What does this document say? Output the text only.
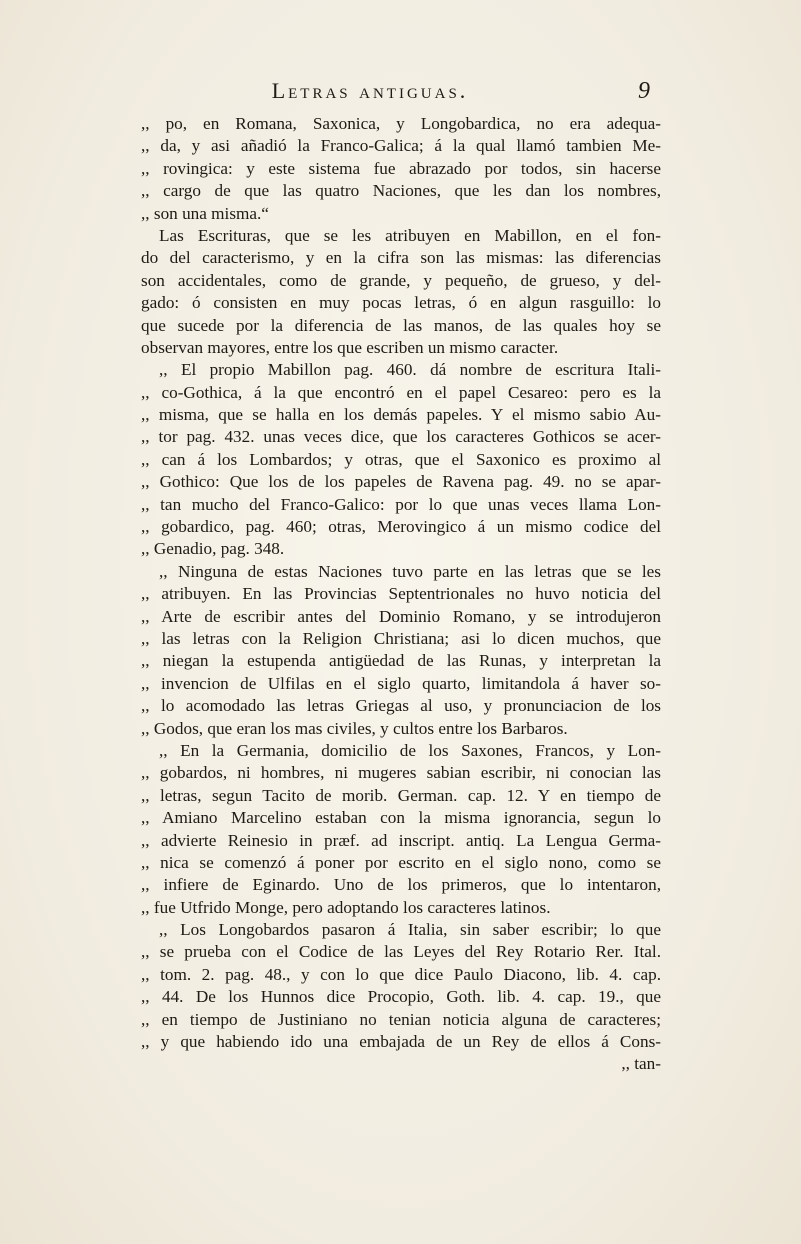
Letras antiguas.	9
,, po, en Romana, Saxonica, y Longobardica, no era adequa-
,, da, y asi añadió la Franco-Galica; á la qual llamó tambien Me-
,, rovingica: y este sistema fue abrazado por todos, sin hacerse
,, cargo de que las quatro Naciones, que les dan los nombres,
,, son una misma.“
Las Escrituras, que se les atribuyen en Mabillon, en el fon-
do del caracterismo, y en la cifra son las mismas: las diferencias
son accidentales, como de grande, y pequeño, de grueso, y del-
gado: ó consisten en muy pocas letras, ó en algun rasguillo: lo
que sucede por la diferencia de las manos, de las quales hoy se
observan mayores, entre los que escriben un mismo caracter.
,, El propio Mabillon pag. 460. dá nombre de escritura Itali-
,, co-Gothica, á la que encontró en el papel Cesareo: pero es la
,, misma, que se halla en los demás papeles. Y el mismo sabio Au-
,, tor pag. 432. unas veces dice, que los caracteres Gothicos se acer-
,, can á los Lombardos; y otras, que el Saxonico es proximo al
,, Gothico: Que los de los papeles de Ravena pag. 49. no se apar-
,, tan mucho del Franco-Galico: por lo que unas veces llama Lon-
,, gobardico, pag. 460; otras, Merovingico á un mismo codice del
,, Genadio, pag. 348.
,, Ninguna de estas Naciones tuvo parte en las letras que se les
,, atribuyen. En las Provincias Septentrionales no huvo noticia del
,, Arte de escribir antes del Dominio Romano, y se introdujeron
,, las letras con la Religion Christiana; asi lo dicen muchos, que
,, niegan la estupenda antigüedad de las Runas, y interpretan la
,, invencion de Ulfilas en el siglo quarto, limitandola á haver so-
,, lo acomodado las letras Griegas al uso, y pronunciacion de los
,, Godos, que eran los mas civiles, y cultos entre los Barbaros.
,, En la Germania, domicilio de los Saxones, Francos, y Lon-
,, gobardos, ni hombres, ni mugeres sabian escribir, ni conocian las
,, letras, segun Tacito de morib. German. cap. 12. Y en tiempo de
,, Amiano Marcelino estaban con la misma ignorancia, segun lo
,, advierte Reinesio in præf. ad inscript. antiq. La Lengua Germa-
,, nica se comenzó á poner por escrito en el siglo nono, como se
,, infiere de Eginardo. Uno de los primeros, que lo intentaron,
,, fue Utfrido Monge, pero adoptando los caracteres latinos.
,, Los Longobardos pasaron á Italia, sin saber escribir; lo que
,, se prueba con el Codice de las Leyes del Rey Rotario Rer. Ital.
,, tom. 2. pag. 48., y con lo que dice Paulo Diacono, lib. 4. cap.
,, 44. De los Hunnos dice Procopio, Goth. lib. 4. cap. 19., que
,, en tiempo de Justiniano no tenian noticia alguna de caracteres;
,, y que habiendo ido una embajada de un Rey de ellos á Cons-
,, tan-
